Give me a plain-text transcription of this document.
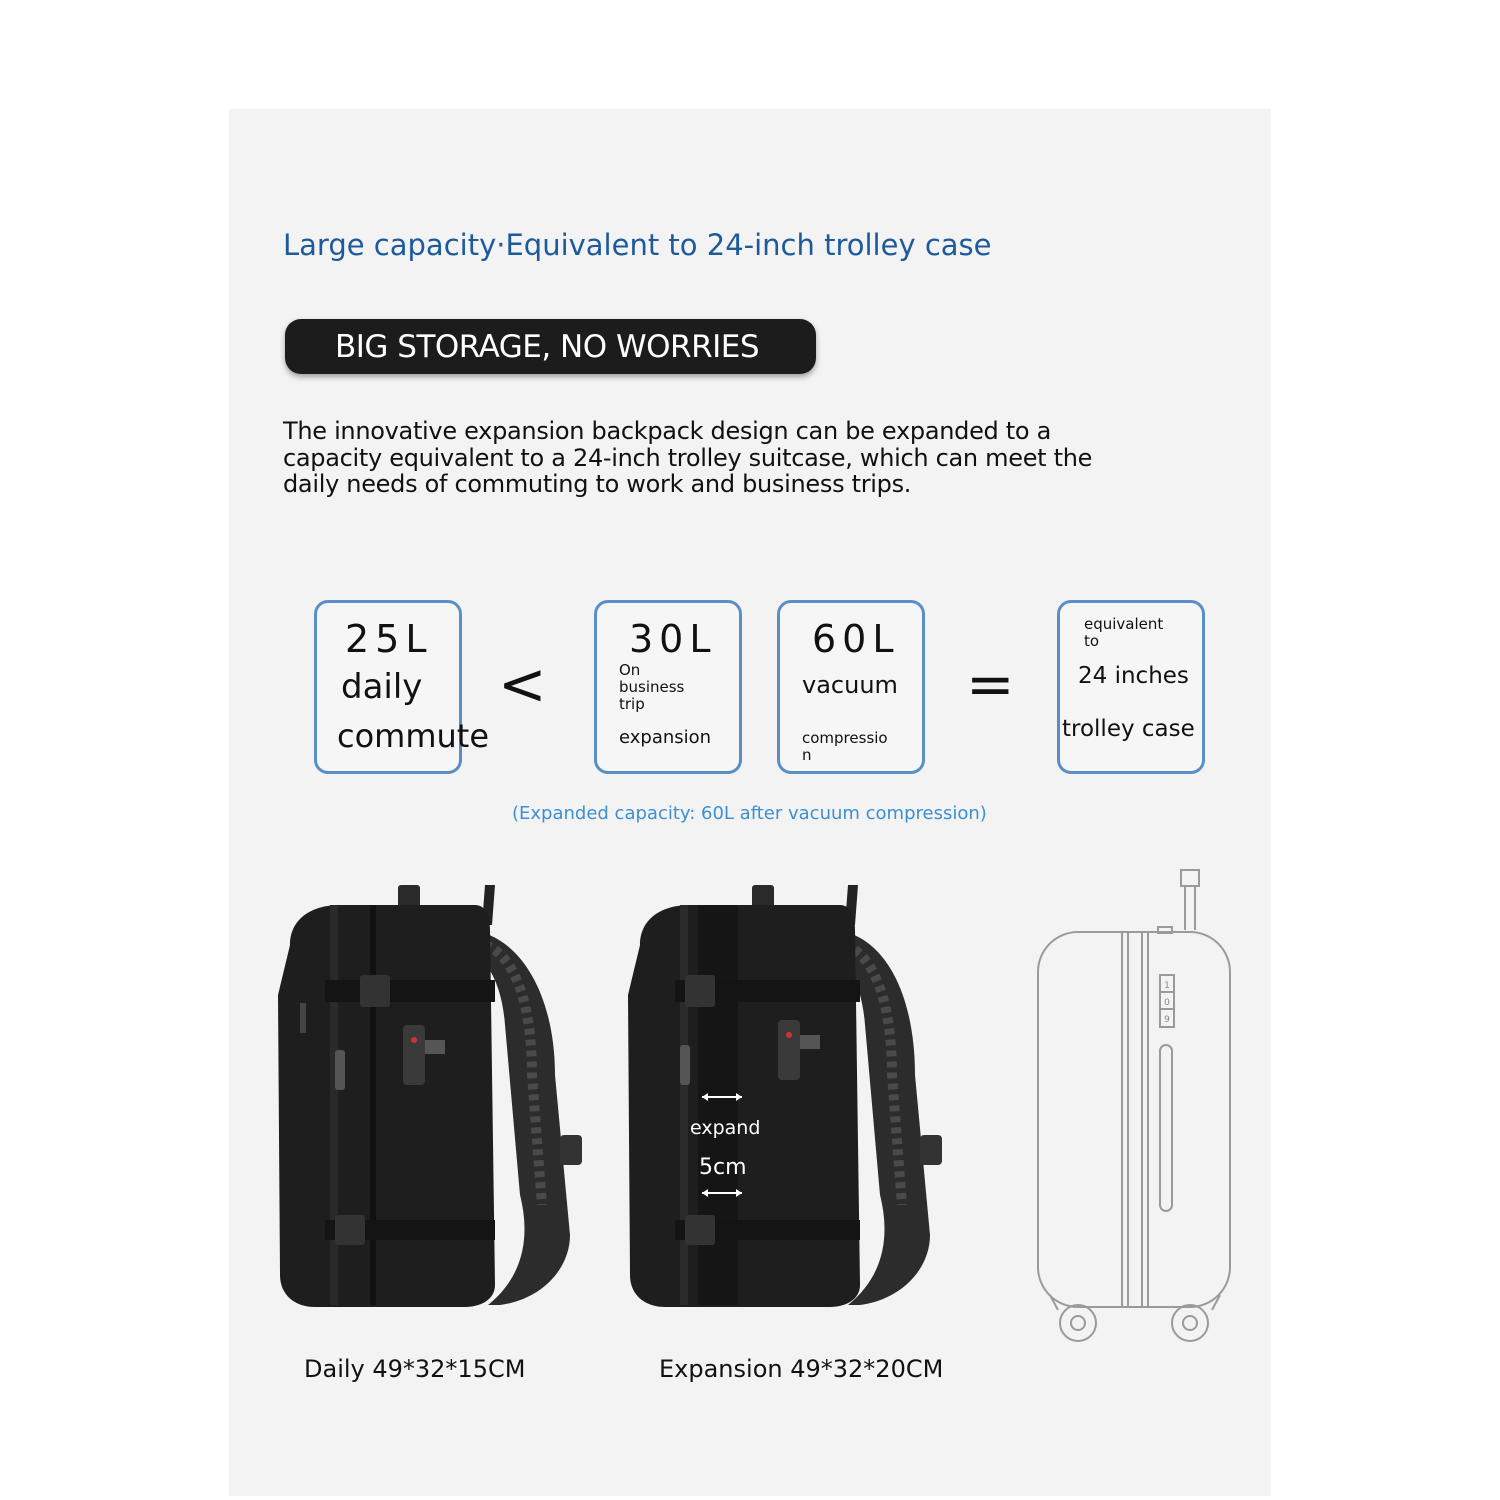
Large capacity·Equivalent to 24-inch trolley case
BIG STORAGE, NO WORRIES

The innovative expansion backpack design can be expanded to a capacity equivalent to a 24-inch trolley suitcase, which can meet the daily needs of commuting to work and business trips.

25L
daily
commute
<
30L
On
business
trip
expansion
60L
vacuum
compressio
n
=
equivalent
to
24 inches
trolley case
(Expanded capacity: 60L after vacuum compression)
expand
5cm
1
0
9
Daily 49*32*15CM	Expansion 49*32*20CM
